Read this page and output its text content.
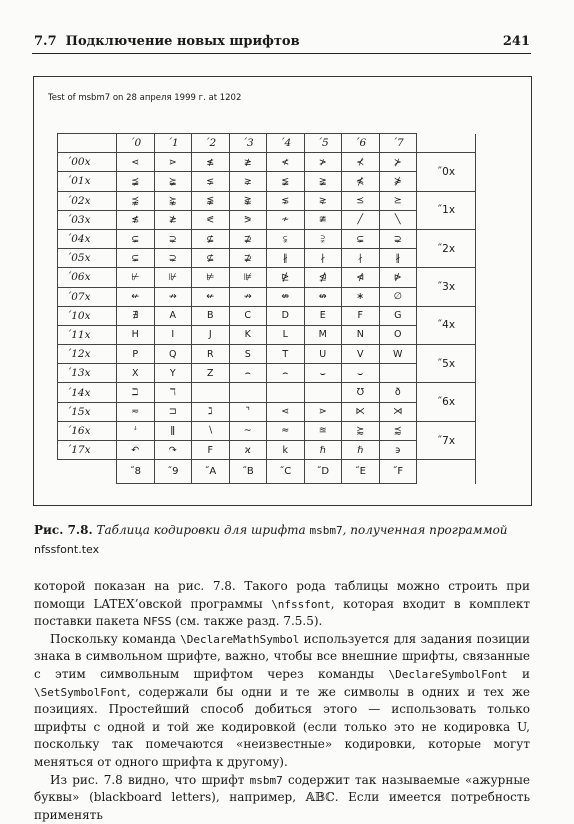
7.7  Подключение новых шрифтов	241
Test of msbm7 on 28 апреля 1999 г. at 1202
	´0	´1	´2	´3	´4	´5	´6	´7	
´00x	⋖	⋗	≰	≱	≮	≯	⊀	⊁	˝0x
´01x	⪵	⪶	⪇	⪈	≨	≩	⋠	⋡	
´02x	⪹	⪺	⪉	⪊	⋦	⋧	⪯	⪰	˝1x
´03x	≴	≵	⪕	⪖	≁	≇	╱	╲	
´04x	⊊	⊋	⊈	⊉	⫋	⫌	⊊	⊋	˝2x
´05x	⊊	⊋	⊈	⊉	∦	∤	∤	∦	
´06x	⊬	⊮	⊭	⊯	⋭	⋬	⋪	⋫	˝3x
´07x	↚	↛	↚	↛	⇎	↮	∗	∅	
´10x	∄	A	B	C	D	E	F	G	˝4x
´11x	H	I	J	K	L	M	N	O	
´12x	P	Q	R	S	T	U	V	W	˝5x
´13x	X	Y	Z	⌢	⌢	⌣	⌣		
´14x	ℶ	ℸ					℧	ð	˝6x
´15x	≂	⊐	ℷ	⌝	⋖	⋗	⋉	⋊	
´16x	ꜜ	ǁ	∖	∼	≈	≊	⪸	⪷	˝7x
´17x	↶	↷	Ϝ	ϰ	k	ℏ	ℏ	϶	
	˝8	˝9	˝A	˝B	˝C	˝D	˝E	˝F	
Рис. 7.8. Таблица кодировки для шрифта msbm7, полученная программой
nfssfont.tex

которой показан на рис. 7.8. Такого рода таблицы можно строить при помощи LATEX’овской программы \nfssfont, которая входит в комплект поставки пакета NFSS (см. также разд. 7.5.5).

Поскольку команда \DeclareMathSymbol используется для задания позиции знака в символьном шрифте, важно, чтобы все внешние шрифты, связанные с этим символьным шрифтом через команды \DeclareSymbolFont и \SetSymbolFont, содержали бы одни и те же символы в одних и тех же позициях. Простейший способ добиться этого — использовать только шрифты с одной и той же кодировкой (если только это не кодировка U, поскольку так помечаются «неизвестные» кодировки, которые могут меняться от одного шрифта к другому).

Из рис. 7.8 видно, что шрифт msbm7 содержит так называемые «ажурные буквы» (blackboard letters), например, 𝔸𝔹ℂ. Если имеется потребность применять
